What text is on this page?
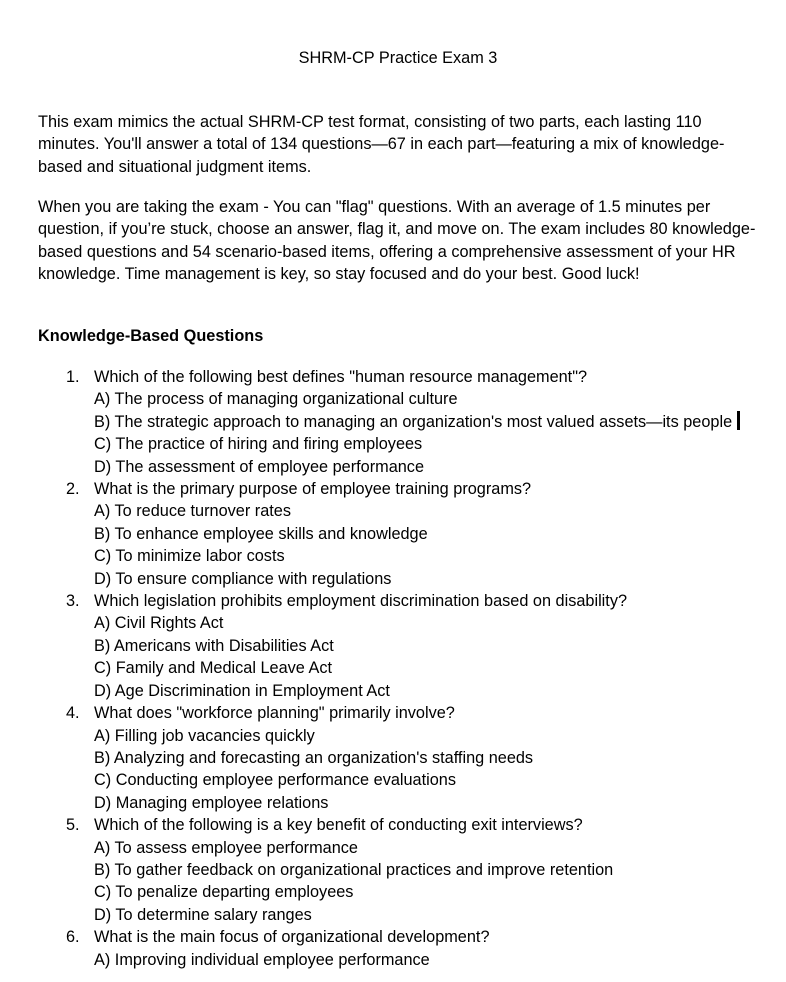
SHRM-CP Practice Exam 3

This exam mimics the actual SHRM-CP test format, consisting of two parts, each lasting 110 minutes. You'll answer a total of 134 questions—67 in each part—featuring a mix of knowledge-based and situational judgment items.

When you are taking the exam - You can "flag" questions. With an average of 1.5 minutes per question, if you’re stuck, choose an answer, flag it, and move on. The exam includes 80 knowledge-based questions and 54 scenario-based items, offering a comprehensive assessment of your HR knowledge. Time management is key, so stay focused and do your best. Good luck!

Knowledge-Based Questions

1. Which of the following best defines "human resource management"?
A) The process of managing organizational culture
B) The strategic approach to managing an organization's most valued assets—its people
C) The practice of hiring and firing employees
D) The assessment of employee performance
2. What is the primary purpose of employee training programs?
A) To reduce turnover rates
B) To enhance employee skills and knowledge
C) To minimize labor costs
D) To ensure compliance with regulations
3. Which legislation prohibits employment discrimination based on disability?
A) Civil Rights Act
B) Americans with Disabilities Act
C) Family and Medical Leave Act
D) Age Discrimination in Employment Act
4. What does "workforce planning" primarily involve?
A) Filling job vacancies quickly
B) Analyzing and forecasting an organization's staffing needs
C) Conducting employee performance evaluations
D) Managing employee relations
5. Which of the following is a key benefit of conducting exit interviews?
A) To assess employee performance
B) To gather feedback on organizational practices and improve retention
C) To penalize departing employees
D) To determine salary ranges
6. What is the main focus of organizational development?
A) Improving individual employee performance
